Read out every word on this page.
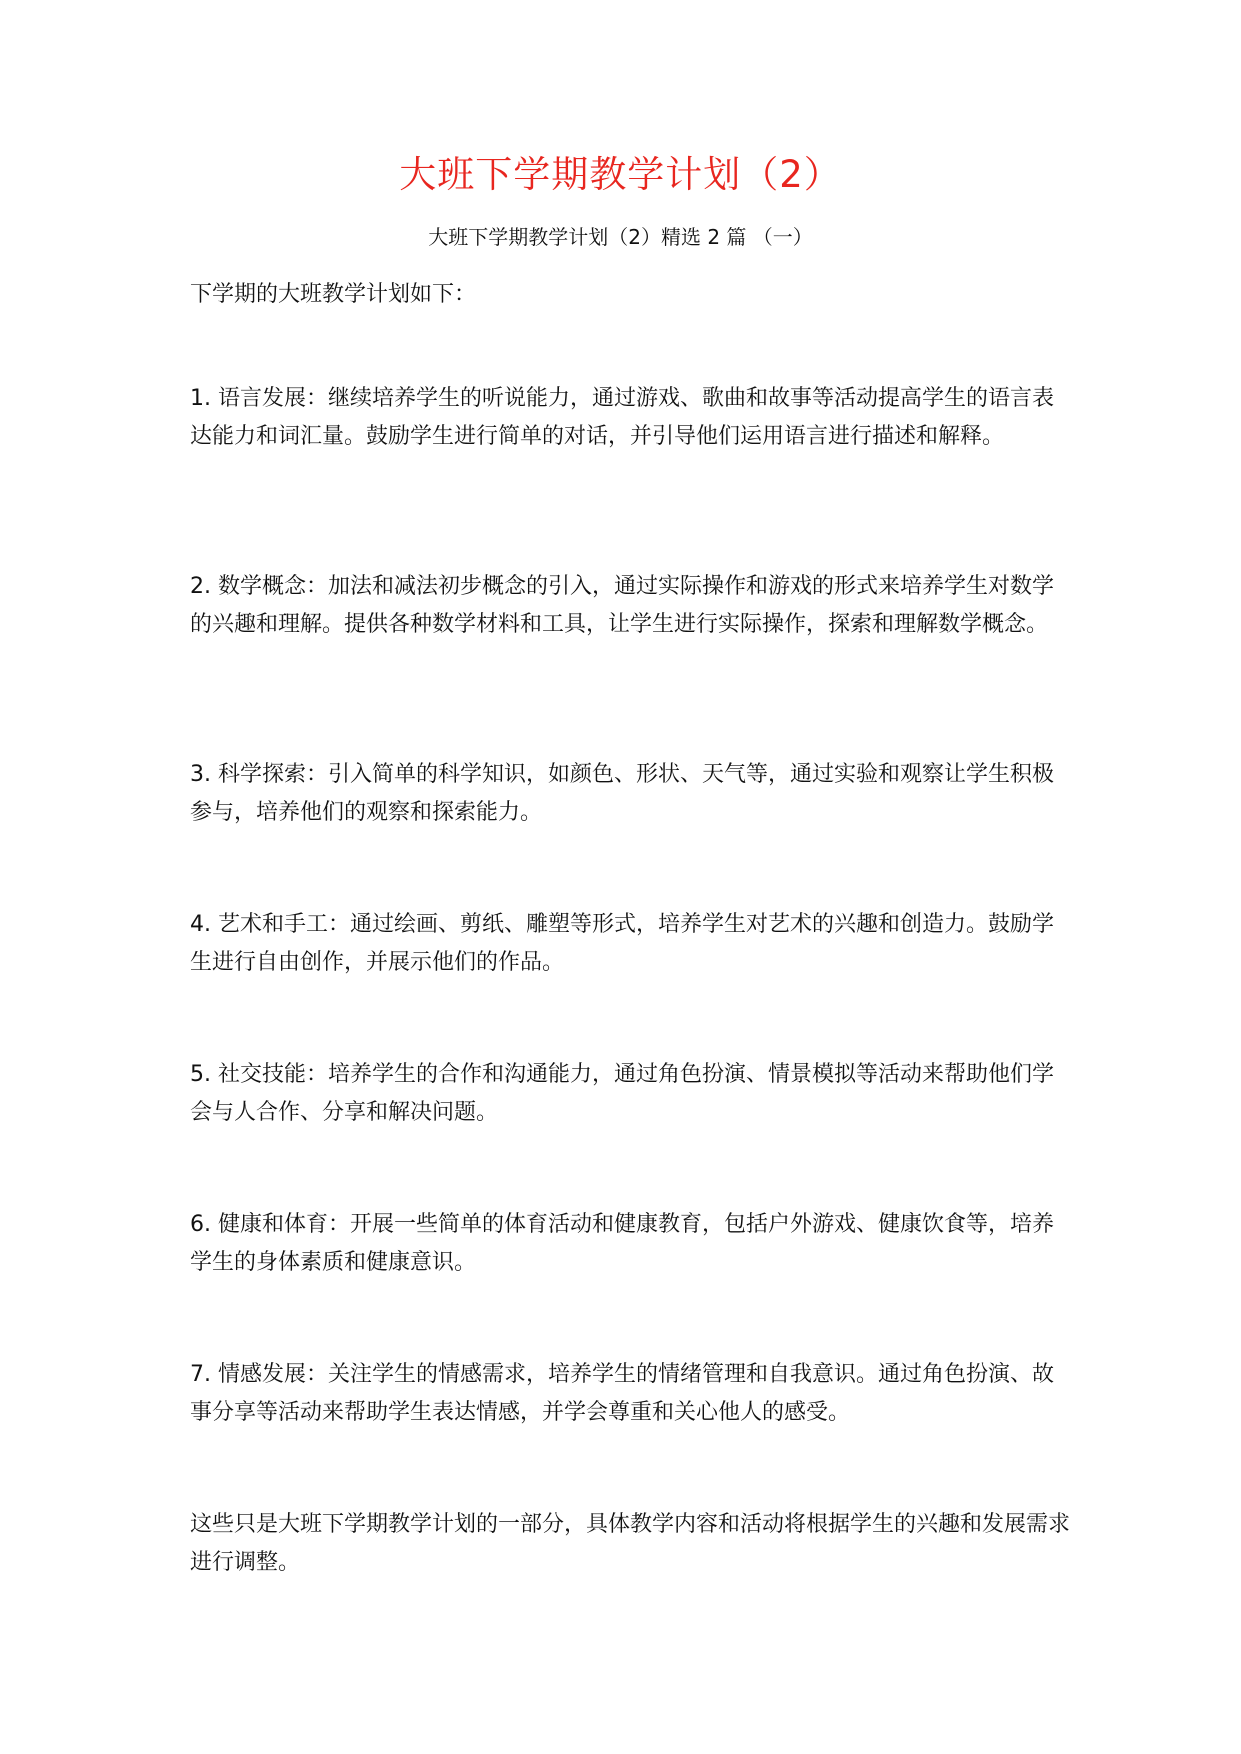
大班下学期教学计划（2）
大班下学期教学计划（2）精选 2 篇 （一）

下学期的大班教学计划如下：

1. 语言发展：继续培养学生的听说能力，通过游戏、歌曲和故事等活动提高学生的语言表达能力和词汇量。鼓励学生进行简单的对话，并引导他们运用语言进行描述和解释。

2. 数学概念：加法和减法初步概念的引入，通过实际操作和游戏的形式来培养学生对数学的兴趣和理解。提供各种数学材料和工具，让学生进行实际操作，探索和理解数学概念。

3. 科学探索：引入简单的科学知识，如颜色、形状、天气等，通过实验和观察让学生积极参与，培养他们的观察和探索能力。

4. 艺术和手工：通过绘画、剪纸、雕塑等形式，培养学生对艺术的兴趣和创造力。鼓励学生进行自由创作，并展示他们的作品。

5. 社交技能：培养学生的合作和沟通能力，通过角色扮演、情景模拟等活动来帮助他们学会与人合作、分享和解决问题。

6. 健康和体育：开展一些简单的体育活动和健康教育，包括户外游戏、健康饮食等，培养学生的身体素质和健康意识。

7. 情感发展：关注学生的情感需求，培养学生的情绪管理和自我意识。通过角色扮演、故事分享等活动来帮助学生表达情感，并学会尊重和关心他人的感受。

这些只是大班下学期教学计划的一部分，具体教学内容和活动将根据学生的兴趣和发展需求进行调整。
